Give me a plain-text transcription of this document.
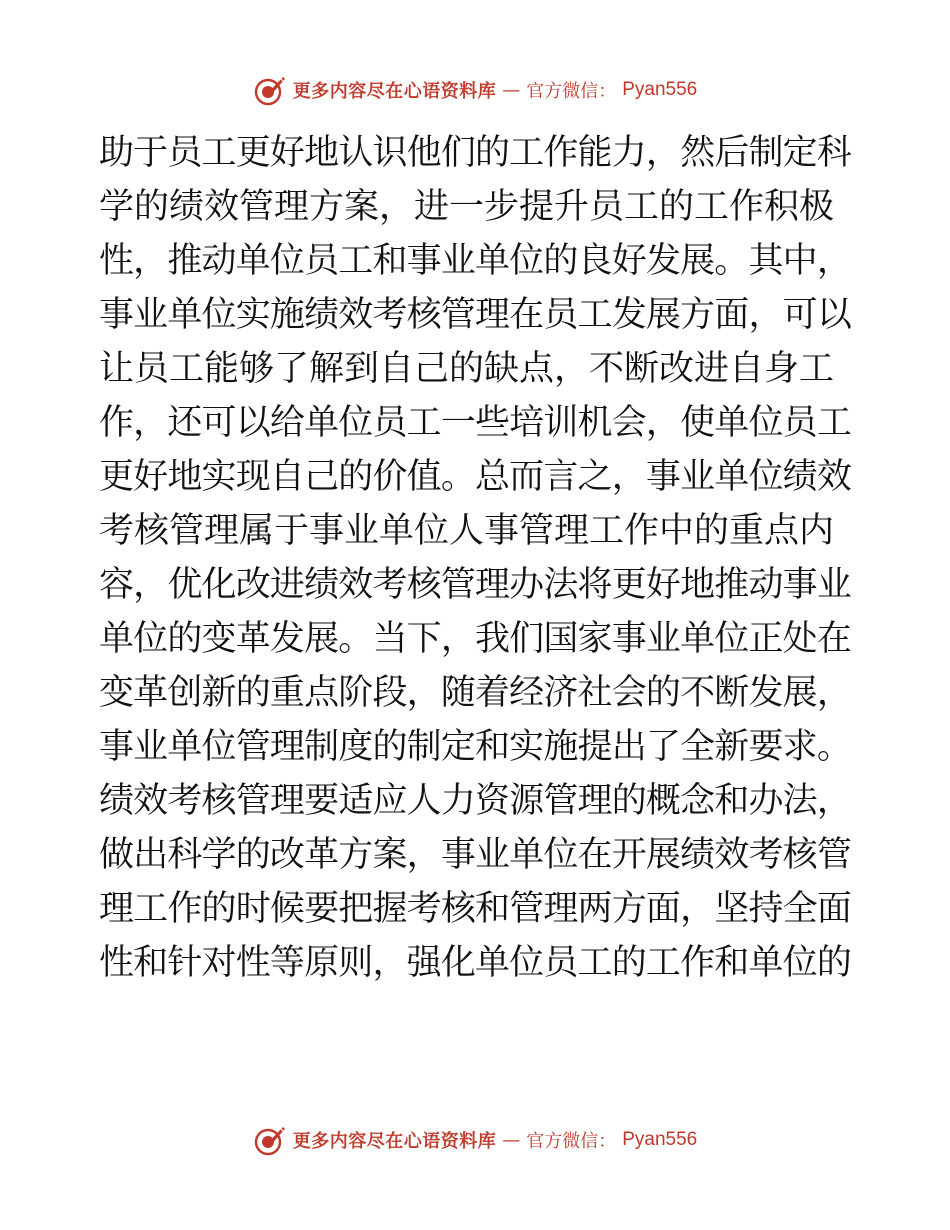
更多内容尽在心语资料库 — 官方微信： Pyan556
助于员工更好地认识他们的工作能力，然后制定科
学的绩效管理方案，进一步提升员工的工作积极
性，推动单位员工和事业单位的良好发展。其中，
事业单位实施绩效考核管理在员工发展方面，可以
让员工能够了解到自己的缺点，不断改进自身工
作，还可以给单位员工一些培训机会，使单位员工
更好地实现自己的价值。总而言之，事业单位绩效
考核管理属于事业单位人事管理工作中的重点内
容，优化改进绩效考核管理办法将更好地推动事业
单位的变革发展。当下，我们国家事业单位正处在
变革创新的重点阶段，随着经济社会的不断发展，
事业单位管理制度的制定和实施提出了全新要求。
绩效考核管理要适应人力资源管理的概念和办法，
做出科学的改革方案，事业单位在开展绩效考核管
理工作的时候要把握考核和管理两方面，坚持全面
性和针对性等原则，强化单位员工的工作和单位的
更多内容尽在心语资料库 — 官方微信： Pyan556
